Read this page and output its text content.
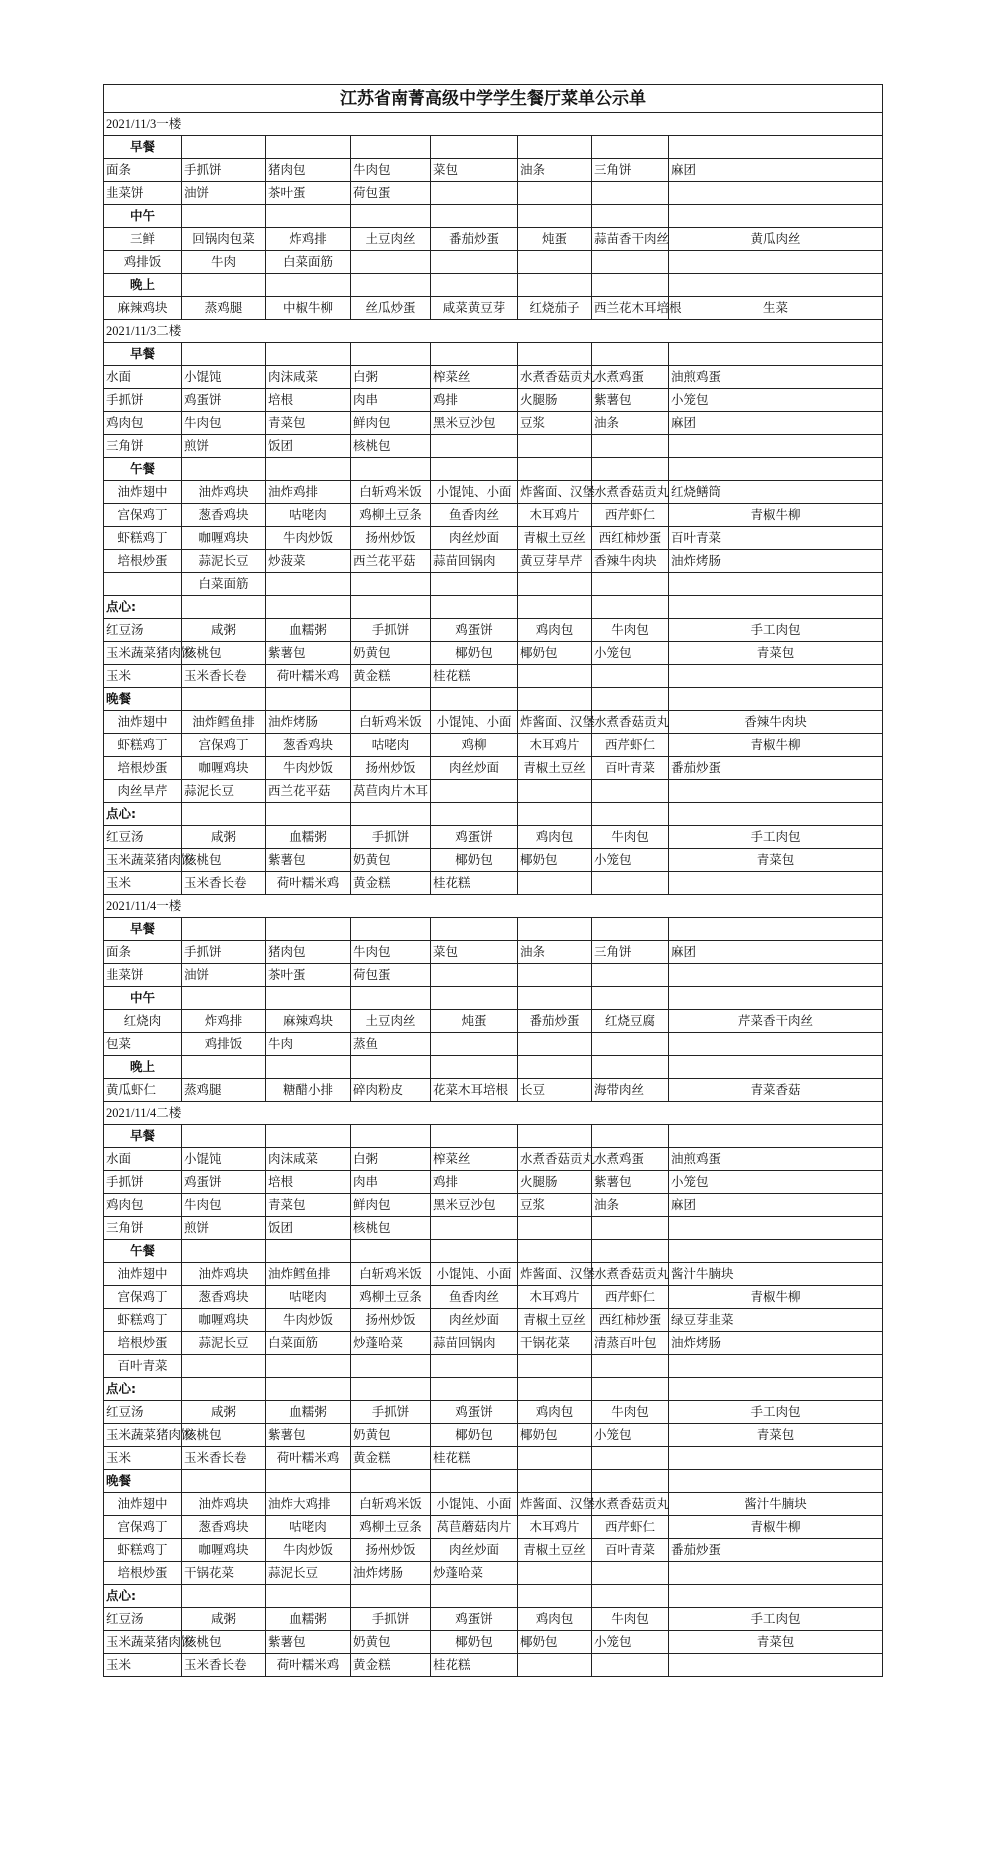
江苏省南菁高级中学学生餐厅菜单公示单							
2021/11/3一楼							
早餐							
面条	手抓饼	猪肉包	牛肉包	菜包	油条	三角饼	麻团
韭菜饼	油饼	茶叶蛋	荷包蛋				
中午							
三鲜	回锅肉包菜	炸鸡排	土豆肉丝	番茄炒蛋	炖蛋	蒜苗香干肉丝	黄瓜肉丝
鸡排饭	牛肉	白菜面筋					
晚上							
麻辣鸡块	蒸鸡腿	中椒牛柳	丝瓜炒蛋	咸菜黄豆芽	红烧茄子	西兰花木耳培根	生菜
2021/11/3二楼							
早餐							
水面	小馄饨	肉沫咸菜	白粥	榨菜丝	水煮香菇贡丸	水煮鸡蛋	油煎鸡蛋
手抓饼	鸡蛋饼	培根	肉串	鸡排	火腿肠	紫薯包	小笼包
鸡肉包	牛肉包	青菜包	鲜肉包	黑米豆沙包	豆浆	油条	麻团
三角饼	煎饼	饭团	核桃包				
午餐							
油炸翅中	油炸鸡块	油炸鸡排	白斩鸡米饭	小馄饨、小面	炸酱面、汉堡	水煮香菇贡丸	红烧鳝筒
宫保鸡丁	葱香鸡块	咕咾肉	鸡柳土豆条	鱼香肉丝	木耳鸡片	西芹虾仁	青椒牛柳
虾糕鸡丁	咖喱鸡块	牛肉炒饭	扬州炒饭	肉丝炒面	青椒土豆丝	西红柿炒蛋	百叶青菜
培根炒蛋	蒜泥长豆	炒菠菜	西兰花平菇	蒜苗回锅肉	黄豆芽旱芹	香辣牛肉块	油炸烤肠
	白菜面筋						
点心:							
红豆汤	咸粥	血糯粥	手抓饼	鸡蛋饼	鸡肉包	牛肉包	手工肉包
玉米蔬菜猪肉饺	核桃包	紫薯包	奶黄包	椰奶包	椰奶包	小笼包	青菜包
玉米	玉米香长卷	荷叶糯米鸡	黄金糕	桂花糕			
晚餐							
油炸翅中	油炸鳕鱼排	油炸烤肠	白斩鸡米饭	小馄饨、小面	炸酱面、汉堡	水煮香菇贡丸	香辣牛肉块
虾糕鸡丁	宫保鸡丁	葱香鸡块	咕咾肉	鸡柳	木耳鸡片	西芹虾仁	青椒牛柳
培根炒蛋	咖喱鸡块	牛肉炒饭	扬州炒饭	肉丝炒面	青椒土豆丝	百叶青菜	番茄炒蛋
肉丝旱芹	蒜泥长豆	西兰花平菇	莴苣肉片木耳				
点心:							
红豆汤	咸粥	血糯粥	手抓饼	鸡蛋饼	鸡肉包	牛肉包	手工肉包
玉米蔬菜猪肉饺	核桃包	紫薯包	奶黄包	椰奶包	椰奶包	小笼包	青菜包
玉米	玉米香长卷	荷叶糯米鸡	黄金糕	桂花糕			
2021/11/4一楼							
早餐							
面条	手抓饼	猪肉包	牛肉包	菜包	油条	三角饼	麻团
韭菜饼	油饼	茶叶蛋	荷包蛋				
中午							
红烧肉	炸鸡排	麻辣鸡块	土豆肉丝	炖蛋	番茄炒蛋	红烧豆腐	芹菜香干肉丝
包菜	鸡排饭	牛肉	蒸鱼				
晚上							
黄瓜虾仁	蒸鸡腿	糖醋小排	碎肉粉皮	花菜木耳培根	长豆	海带肉丝	青菜香菇
2021/11/4二楼							
早餐							
水面	小馄饨	肉沫咸菜	白粥	榨菜丝	水煮香菇贡丸	水煮鸡蛋	油煎鸡蛋
手抓饼	鸡蛋饼	培根	肉串	鸡排	火腿肠	紫薯包	小笼包
鸡肉包	牛肉包	青菜包	鲜肉包	黑米豆沙包	豆浆	油条	麻团
三角饼	煎饼	饭团	核桃包				
午餐							
油炸翅中	油炸鸡块	油炸鳕鱼排	白斩鸡米饭	小馄饨、小面	炸酱面、汉堡	水煮香菇贡丸	酱汁牛腩块
宫保鸡丁	葱香鸡块	咕咾肉	鸡柳土豆条	鱼香肉丝	木耳鸡片	西芹虾仁	青椒牛柳
虾糕鸡丁	咖喱鸡块	牛肉炒饭	扬州炒饭	肉丝炒面	青椒土豆丝	西红柿炒蛋	绿豆芽韭菜
培根炒蛋	蒜泥长豆	白菜面筋	炒蓬哈菜	蒜苗回锅肉	干锅花菜	清蒸百叶包	油炸烤肠
百叶青菜							
点心:							
红豆汤	咸粥	血糯粥	手抓饼	鸡蛋饼	鸡肉包	牛肉包	手工肉包
玉米蔬菜猪肉饺	核桃包	紫薯包	奶黄包	椰奶包	椰奶包	小笼包	青菜包
玉米	玉米香长卷	荷叶糯米鸡	黄金糕	桂花糕			
晚餐							
油炸翅中	油炸鸡块	油炸大鸡排	白斩鸡米饭	小馄饨、小面	炸酱面、汉堡	水煮香菇贡丸	酱汁牛腩块
宫保鸡丁	葱香鸡块	咕咾肉	鸡柳土豆条	莴苣蘑菇肉片	木耳鸡片	西芹虾仁	青椒牛柳
虾糕鸡丁	咖喱鸡块	牛肉炒饭	扬州炒饭	肉丝炒面	青椒土豆丝	百叶青菜	番茄炒蛋
培根炒蛋	干锅花菜	蒜泥长豆	油炸烤肠	炒蓬哈菜			
点心:							
红豆汤	咸粥	血糯粥	手抓饼	鸡蛋饼	鸡肉包	牛肉包	手工肉包
玉米蔬菜猪肉饺	核桃包	紫薯包	奶黄包	椰奶包	椰奶包	小笼包	青菜包
玉米	玉米香长卷	荷叶糯米鸡	黄金糕	桂花糕			
